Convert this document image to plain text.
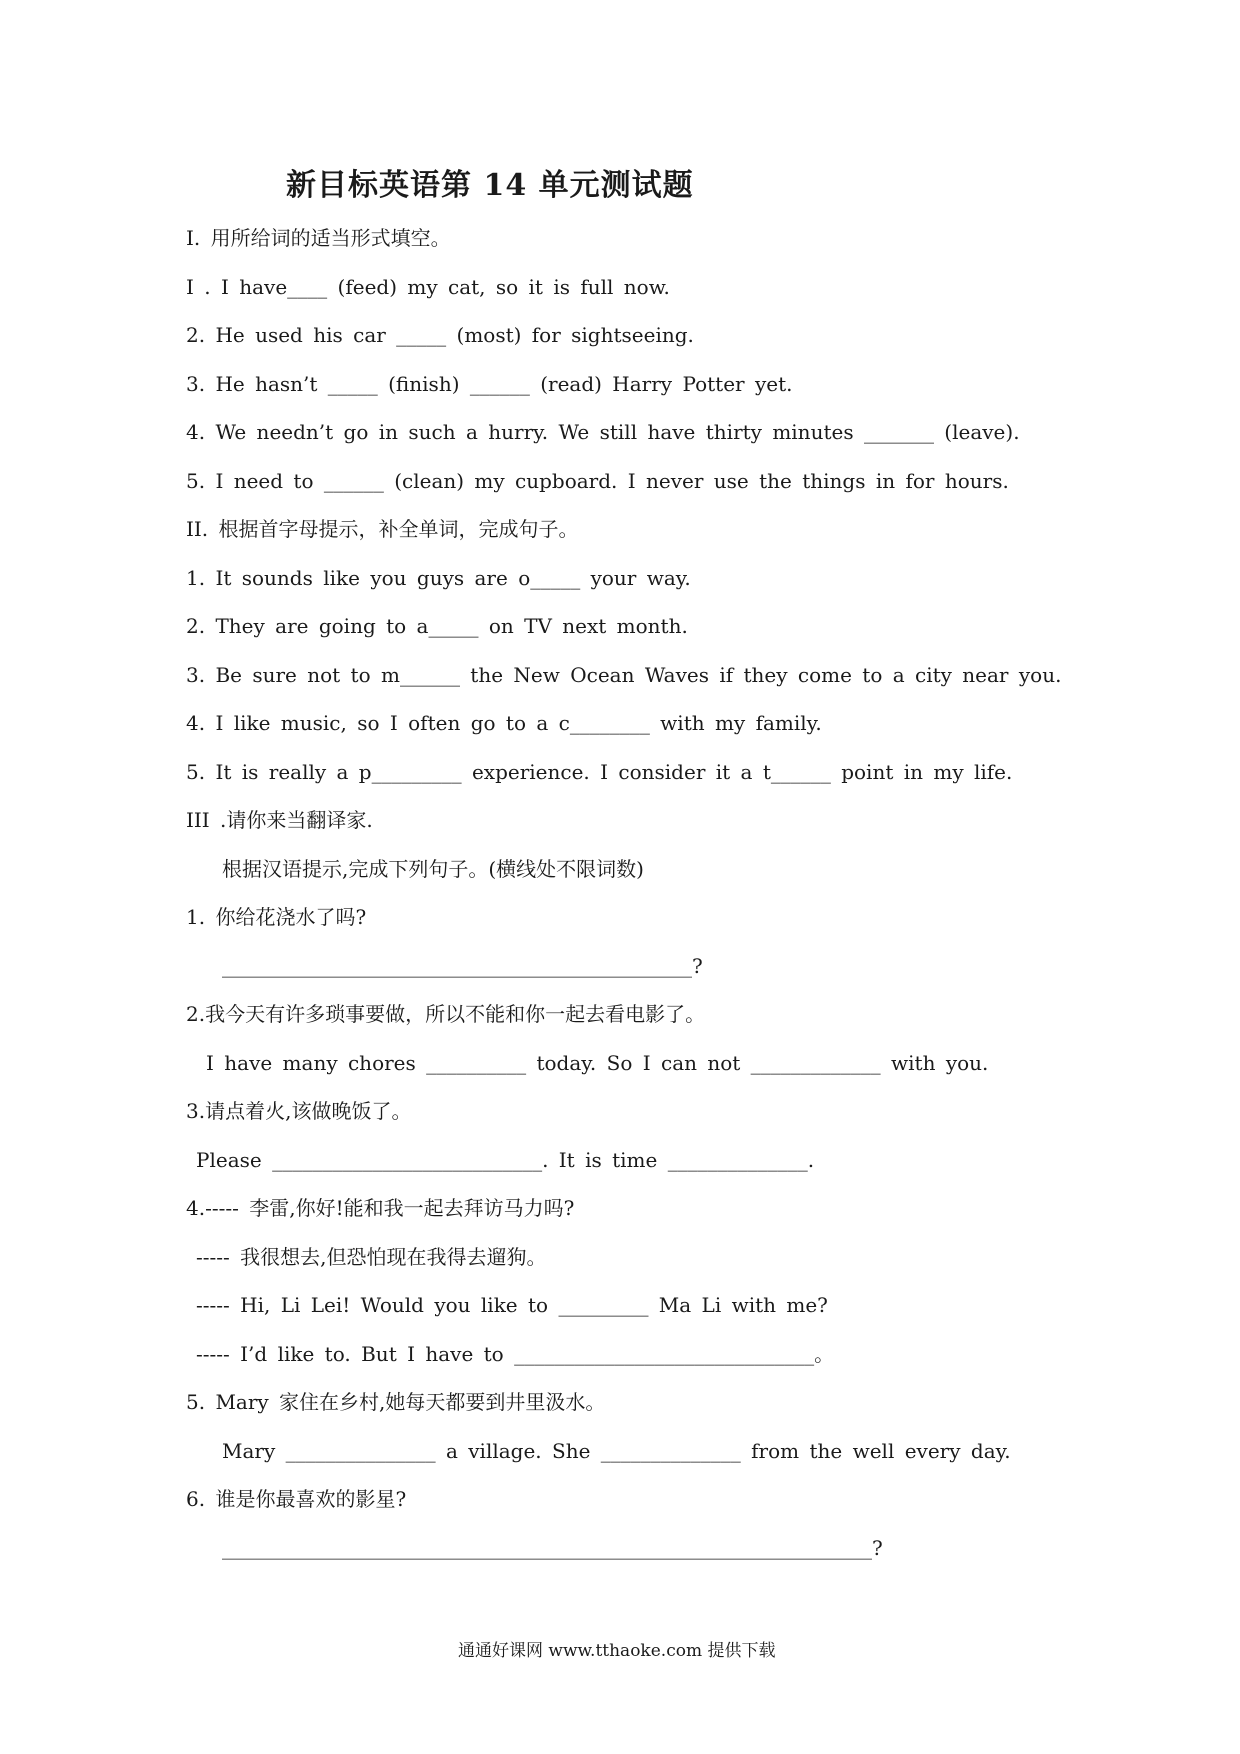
新目标英语第 14 单元测试题
I. 用所给词的适当形式填空。
I . I have____ (feed) my cat, so it is full now.
2. He used his car _____ (most) for sightseeing.
3. He hasn’t _____ (finish) ______ (read) Harry Potter yet.
4. We needn’t go in such a hurry. We still have thirty minutes _______ (leave).
5. I need to ______ (clean) my cupboard. I never use the things in for hours.
II. 根据首字母提示，补全单词，完成句子。
1. It sounds like you guys are o_____ your way.
2. They are going to a_____ on TV next month.
3. Be sure not to m______ the New Ocean Waves if they come to a city near you.
4. I like music, so I often go to a c________ with my family.
5. It is really a p_________ experience. I consider it a t______ point in my life.
III .请你来当翻译家.
根据汉语提示,完成下列句子。(横线处不限词数)
1. 你给花浇水了吗?
_______________________________________________?
2.我今天有许多琐事要做，所以不能和你一起去看电影了。
I have many chores __________ today. So I can not _____________ with you.
3.请点着火,该做晚饭了。
Please ___________________________. It is time ______________.
4.----- 李雷,你好!能和我一起去拜访马力吗?
----- 我很想去,但恐怕现在我得去遛狗。
----- Hi, Li Lei! Would you like to _________ Ma Li with me?
----- I’d like to. But I have to ______________________________。
5. Mary 家住在乡村,她每天都要到井里汲水。
Mary _______________ a village. She ______________ from the well every day.
6. 谁是你最喜欢的影星?
_________________________________________________________________?
通通好课网 www.tthaoke.com 提供下载
